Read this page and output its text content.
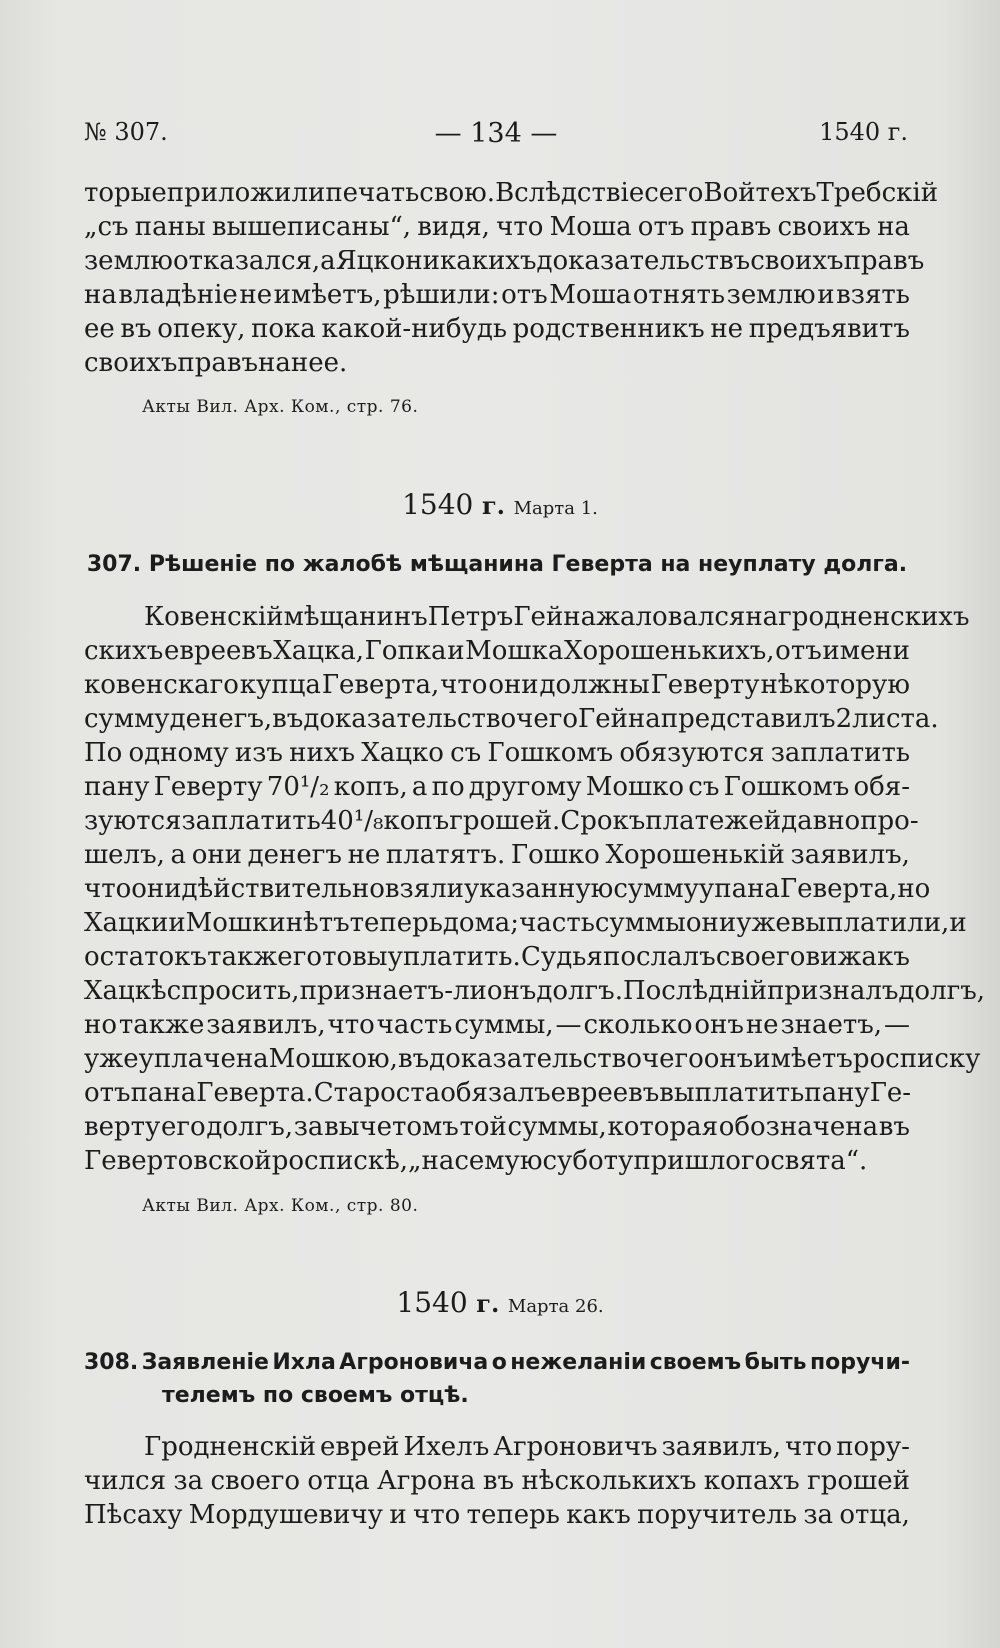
№ 307.	— 134 —	1540 г.
торые приложили печать свою. Вслѣдствіе сего Войтехъ Требскій
„съ паны вышеписаны“, видя, что Моша отъ правъ своихъ на
землю отказался, а Яцко никакихъ доказательствъ своихъ правъ
на владѣніе не имѣетъ, рѣшили: отъ Моша отнять землю и взять
ее въ опеку, пока какой-нибудь родственникъ не предъявитъ
своихъ правъ на нее.
Акты Вил. Арх. Ком., стр. 76.
1540 г. Марта 1.
307. Рѣшеніе по жалобѣ мѣщанина Геверта на неуплату долга.
Ковенскій мѣщанинъ Петръ Гейна жаловался на гродненскихъ
скихъ евреевъ Хацка, Гопка и Мошка Хорошенькихъ, отъ имени
ковенскаго купца Геверта, что они должны Геверту нѣкоторую
сумму денегъ, въ доказательство чего Гейна представилъ 2 листа.
По одному изъ нихъ Хацко съ Гошкомъ обязуются заплатить
пану Геверту 70¹/₂ копъ, а по другому Мошко съ Гошкомъ обя-
зуются заплатить 40¹/₈ копъ грошей. Срокъ платежей давно про-
шелъ, а они денегъ не платятъ. Гошко Хорошенькій заявилъ,
что они дѣйствительно взяли указанную сумму у пана Геверта, но
Хацки и Мошки нѣтъ теперь дома; часть суммы они уже выплатили, и
остатокъ также готовы уплатить. Судья послалъ своего вижа къ
Хацкѣ спросить, признаетъ-ли онъ долгъ. Послѣдній призналъ долгъ,
но также заявилъ, что часть суммы, — сколько онъ не знаетъ, —
уже уплачена Мошкою, въ доказательство чего онъ имѣетъ росписку
отъ пана Геверта. Староста обязалъ евреевъ выплатить пану Ге-
верту его долгъ, за вычетомъ той суммы, которая обозначена въ
Гевертовской роспискѣ, „на семую суботу пришлого свята“.
Акты Вил. Арх. Ком., стр. 80.
1540 г. Марта 26.
308. Заявленіе Ихла Агроновича о нежеланіи своемъ быть поручи-
телемъ по своемъ отцѣ.
Гродненскій еврей Ихелъ Агроновичъ заявилъ, что пору-
чился за своего отца Агрона въ нѣсколькихъ копахъ грошей
Пѣсаху Мордушевичу и что теперь какъ поручитель за отца,
